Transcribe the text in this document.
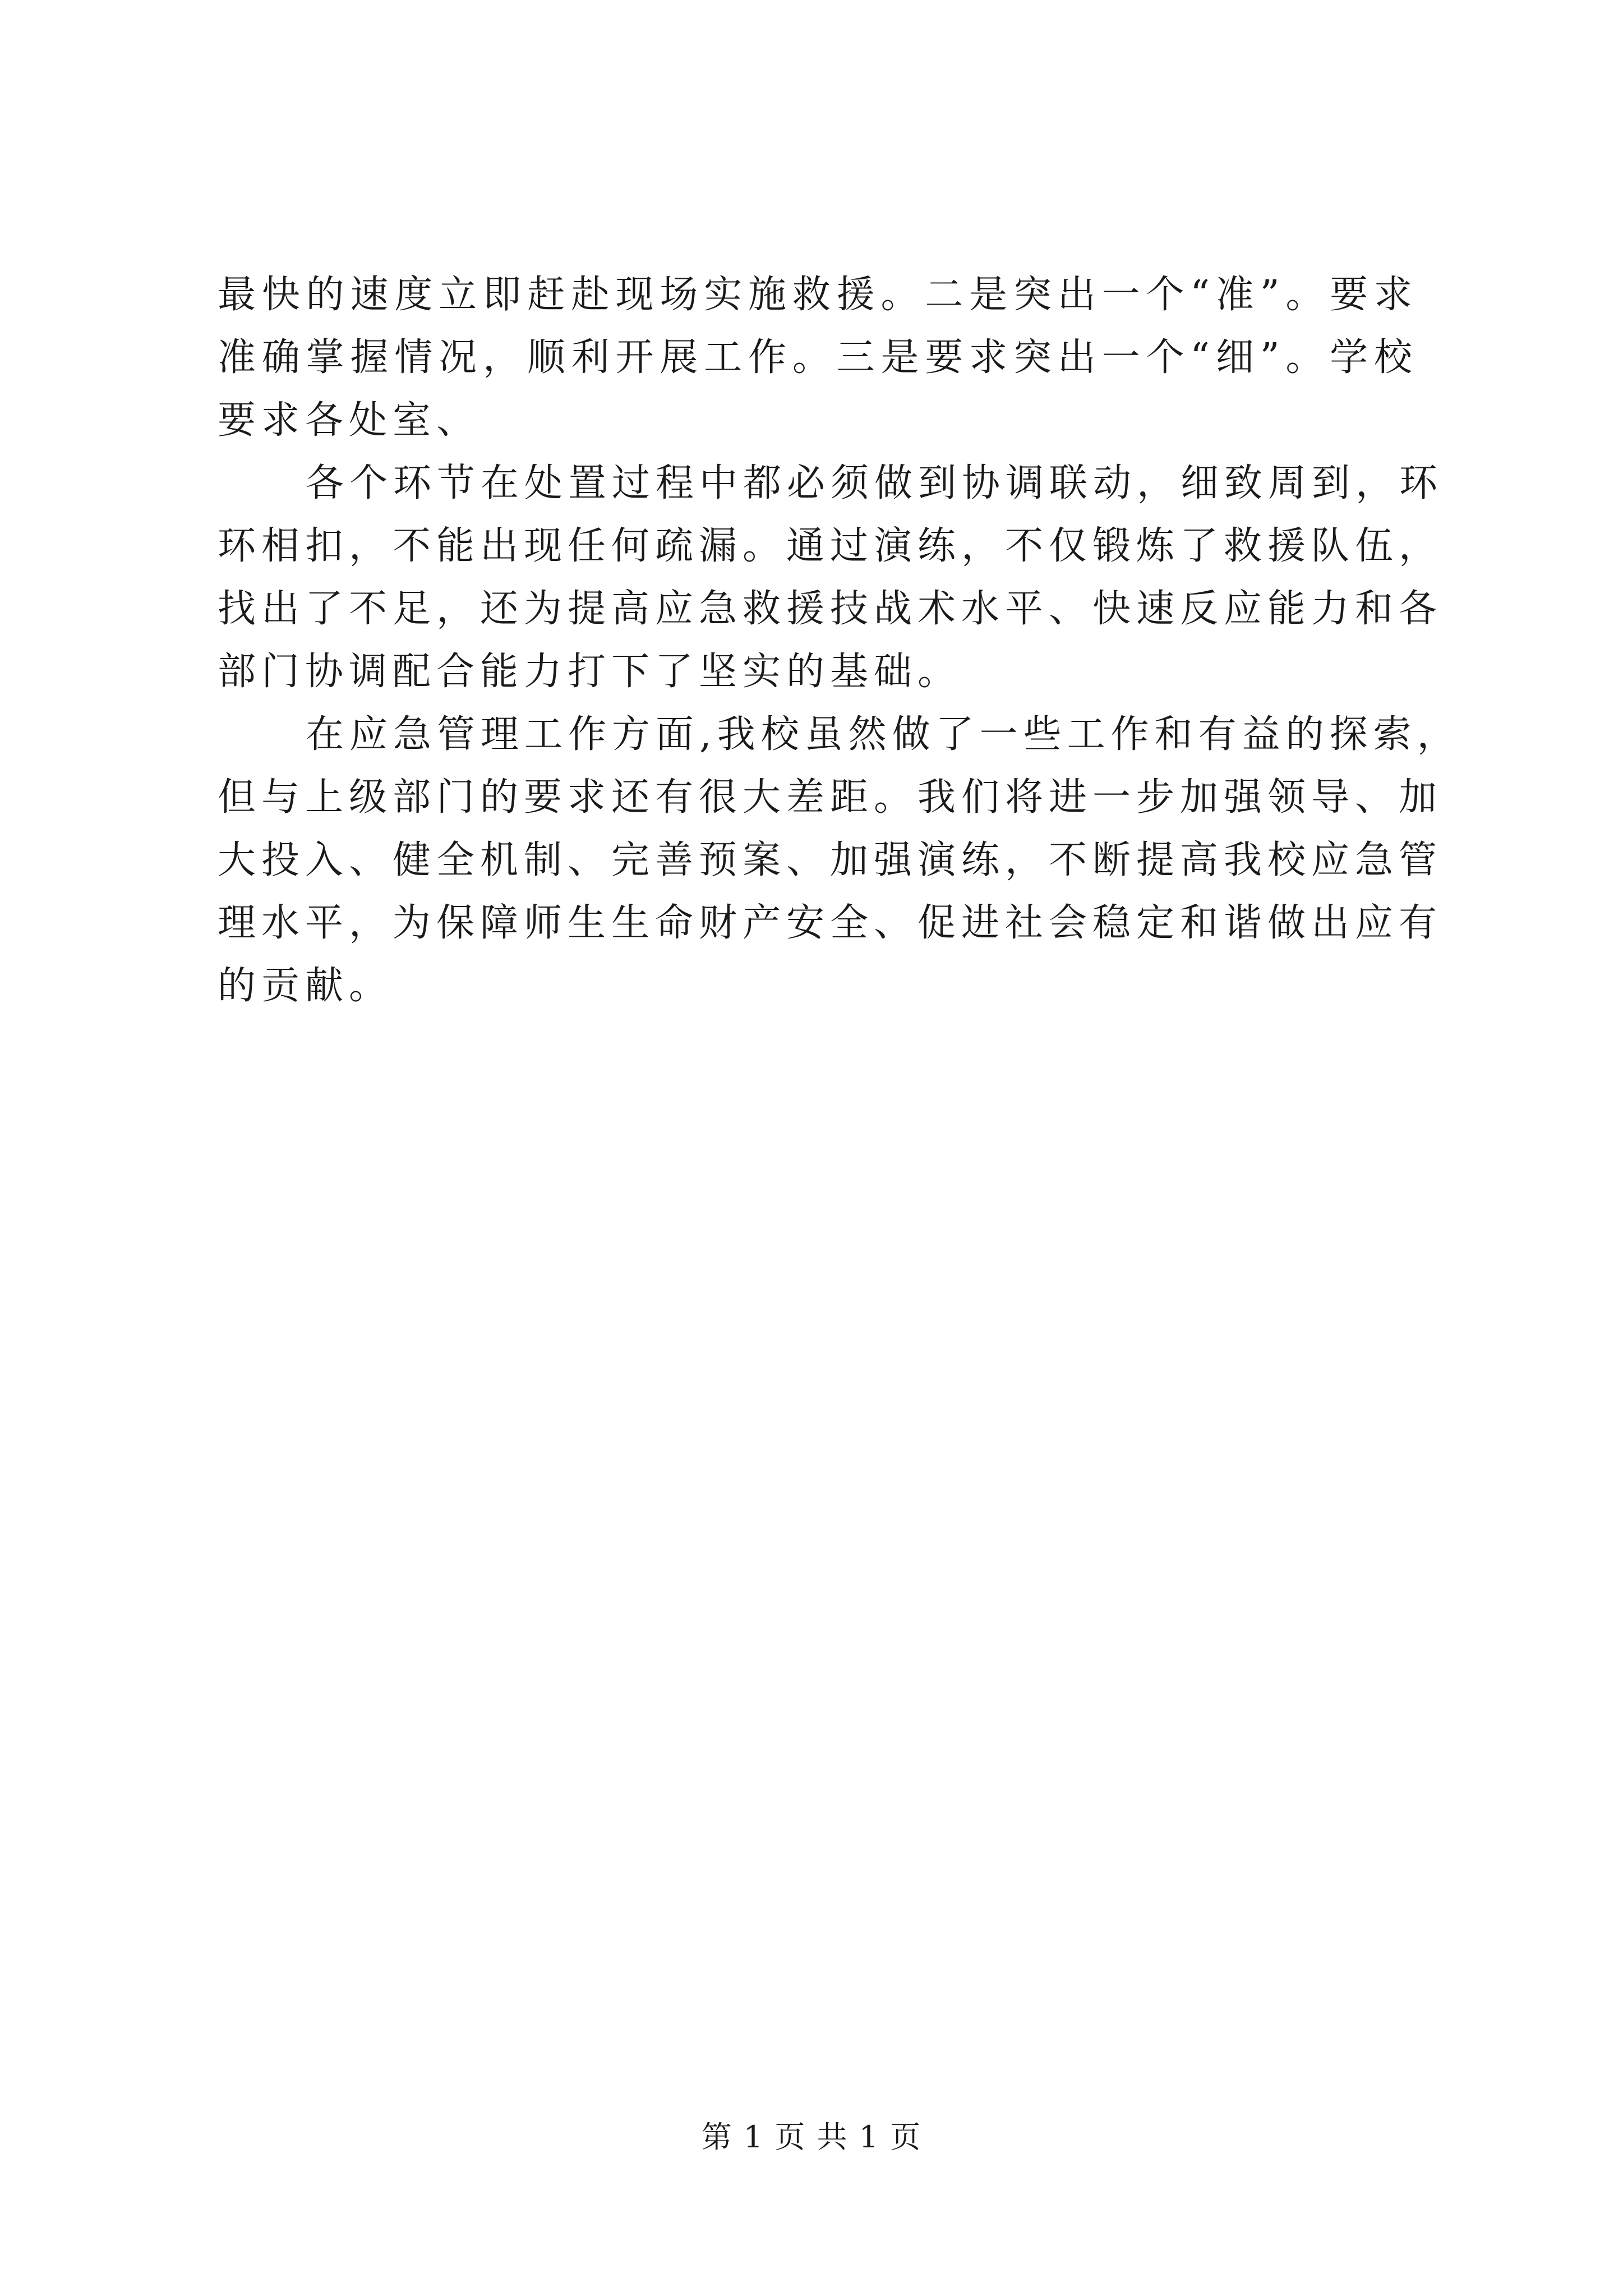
最快的速度立即赶赴现场实施救援。二是突出一个“准”。要求
准确掌握情况，顺利开展工作。三是要求突出一个“细”。学校
要求各处室、
各个环节在处置过程中都必须做到协调联动，细致周到，环
环相扣，不能出现任何疏漏。通过演练，不仅锻炼了救援队伍，
找出了不足，还为提高应急救援技战术水平、快速反应能力和各
部门协调配合能力打下了坚实的基础。
在应急管理工作方面,我校虽然做了一些工作和有益的探索，
但与上级部门的要求还有很大差距。我们将进一步加强领导、加
大投入、健全机制、完善预案、加强演练，不断提高我校应急管
理水平，为保障师生生命财产安全、促进社会稳定和谐做出应有
的贡献。
第 1 页 共 1 页
